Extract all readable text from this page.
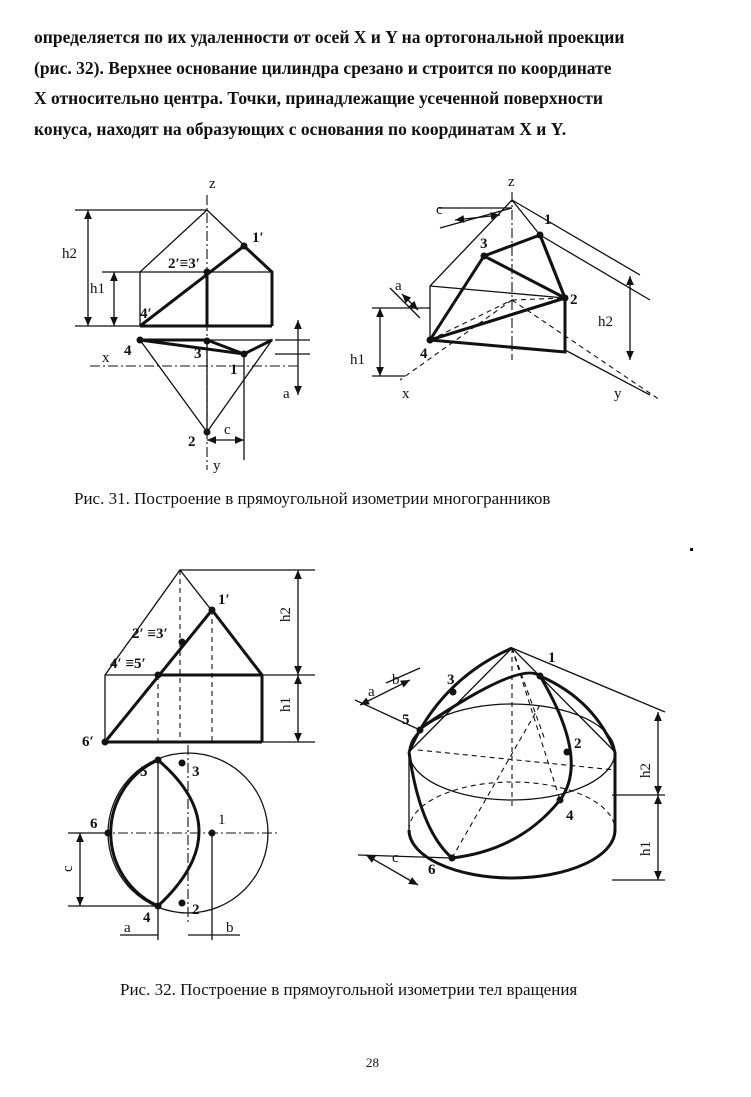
определяется по их удаленности от осей X и Y на ортогональной проекции
(рис. 32). Верхнее основание цилиндра срезано и строится по координате
X относительно центра. Точки, принадлежащие усеченной поверхности
конуса, находят на образующих с основания по координатам X и Y.
z
h2
h1
1′
2′≡3′
4′
4	3
1
2
x
a
c
y
z
c
1
3
a
2
h2
h1	4
x	y
1′
2′ ≡3′
4′ ≡5′
6′
h2
h1
5	3
6	1
c
4	2
a	b
a
b	3
1
5
2
h2
4
h1
c
6
Рис. 31. Построение в прямоугольной изометрии многогранников
Рис. 32. Построение в прямоугольной изометрии тел вращения
28
